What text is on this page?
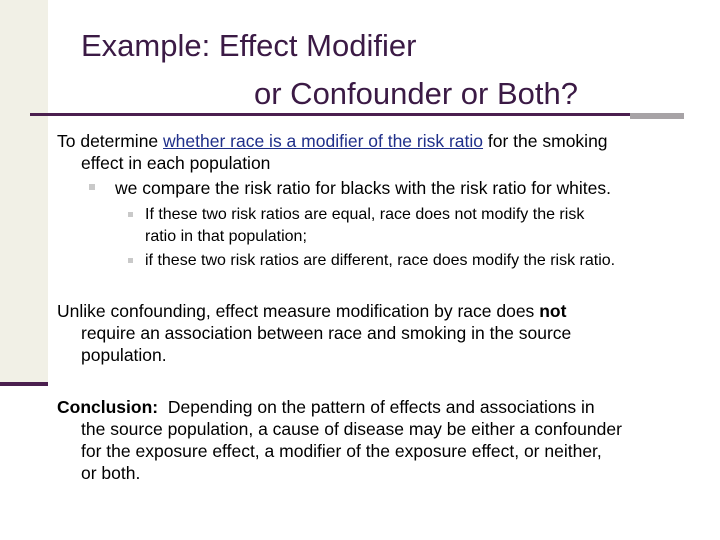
Example: Effect Modifier
or Confounder or Both?
To determine whether race is a modifier of the risk ratio for the smoking
effect in each population
we compare the risk ratio for blacks with the risk ratio for whites.
If these two risk ratios are equal, race does not modify the risk
ratio in that population;
if these two risk ratios are different, race does modify the risk ratio.
Unlike confounding, effect measure modification by race does not
require an association between race and smoking in the source
population.
Conclusion:  Depending on the pattern of effects and associations in
the source population, a cause of disease may be either a confounder
for the exposure effect, a modifier of the exposure effect, or neither,
or both.
